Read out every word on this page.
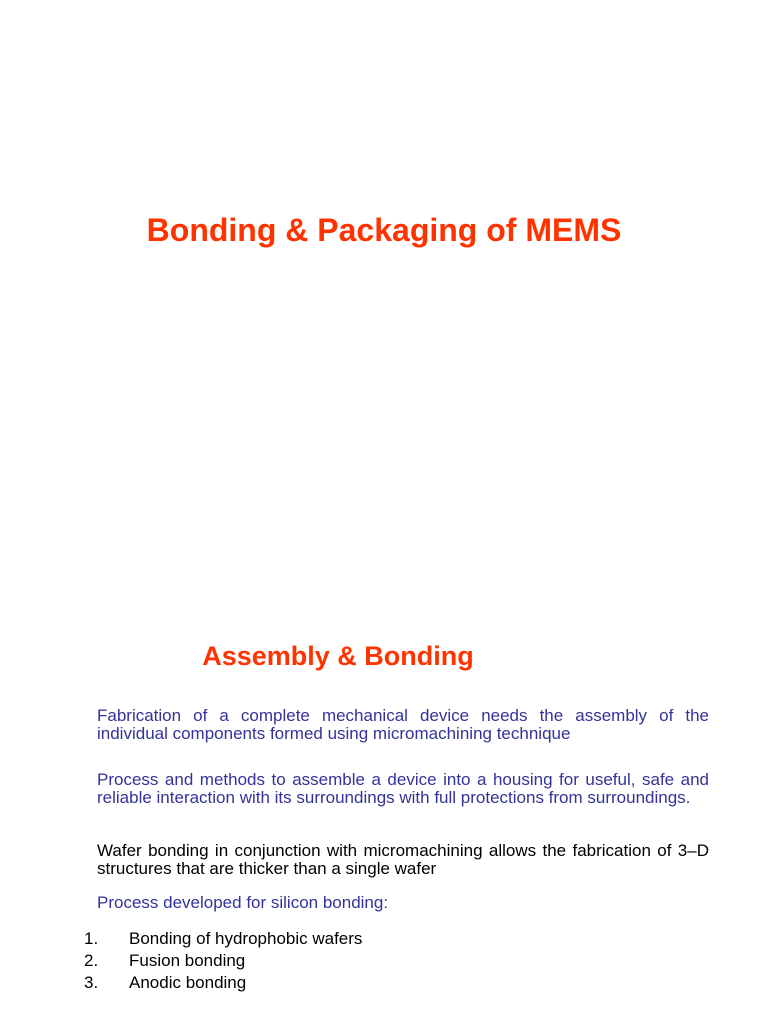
Bonding & Packaging of MEMS
Assembly & Bonding

Fabrication of a complete mechanical device needs the assembly of the individual components formed using micromachining technique

Process and methods to assemble a device into a housing for useful, safe and reliable interaction with its surroundings with full protections from surroundings.

Wafer bonding in conjunction with micromachining allows the fabrication of 3–D structures that are thicker than a single wafer

Process developed for silicon bonding:

1. Bonding of hydrophobic wafers
2. Fusion bonding
3. Anodic bonding
